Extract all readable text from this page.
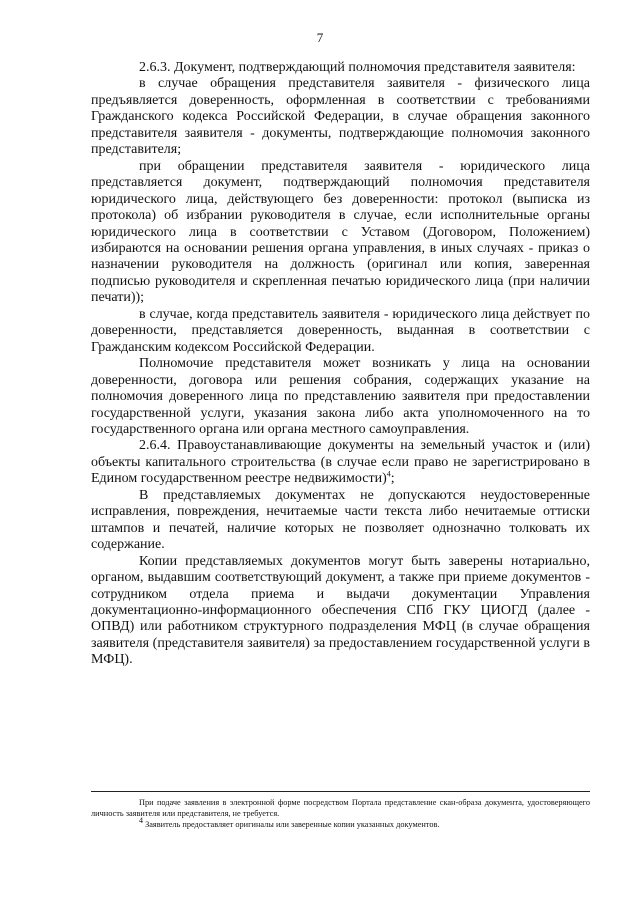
7

2.6.3. Документ, подтверждающий полномочия представителя заявителя:

в случае обращения представителя заявителя - физического лица предъявляется доверенность, оформленная в соответствии с требованиями Гражданского кодекса Российской Федерации, в случае обращения законного представителя заявителя - документы, подтверждающие полномочия законного представителя;

при обращении представителя заявителя - юридического лица представляется документ, подтверждающий полномочия представителя юридического лица, действующего без доверенности: протокол (выписка из протокола) об избрании руководителя в случае, если исполнительные органы юридического лица в соответствии с Уставом (Договором, Положением) избираются на основании решения органа управления, в иных случаях - приказ о назначении руководителя на должность (оригинал или копия, заверенная подписью руководителя и скрепленная печатью юридического лица (при наличии печати));

в случае, когда представитель заявителя - юридического лица действует по доверенности, представляется доверенность, выданная в соответствии с Гражданским кодексом Российской Федерации.

Полномочие представителя может возникать у лица на основании доверенности, договора или решения собрания, содержащих указание на полномочия доверенного лица по представлению заявителя при предоставлении государственной услуги, указания закона либо акта уполномоченного на то государственного органа или органа местного самоуправления.

2.6.4. Правоустанавливающие документы на земельный участок и (или) объекты капитального строительства (в случае если право не зарегистрировано в Едином государственном реестре недвижимости)$^4$;

В представляемых документах не допускаются неудостоверенные исправления, повреждения, нечитаемые части текста либо нечитаемые оттиски штампов и печатей, наличие которых не позволяет однозначно толковать их содержание.

Копии представляемых документов могут быть заверены нотариально, органом, выдавшим соответствующий документ, а также при приеме документов - сотрудником отдела приема и выдачи документации Управления документационно-информационного обеспечения СПб ГКУ ЦИОГД (далее - ОПВД) или работником структурного подразделения МФЦ (в случае обращения заявителя (представителя заявителя) за предоставлением государственной услуги в МФЦ).

При подаче заявления в электронной форме посредством Портала представление скан-образа документа, удостоверяющего личность заявителя или представителя, не требуется.

$^4$ Заявитель предоставляет оригиналы или заверенные копии указанных документов.
